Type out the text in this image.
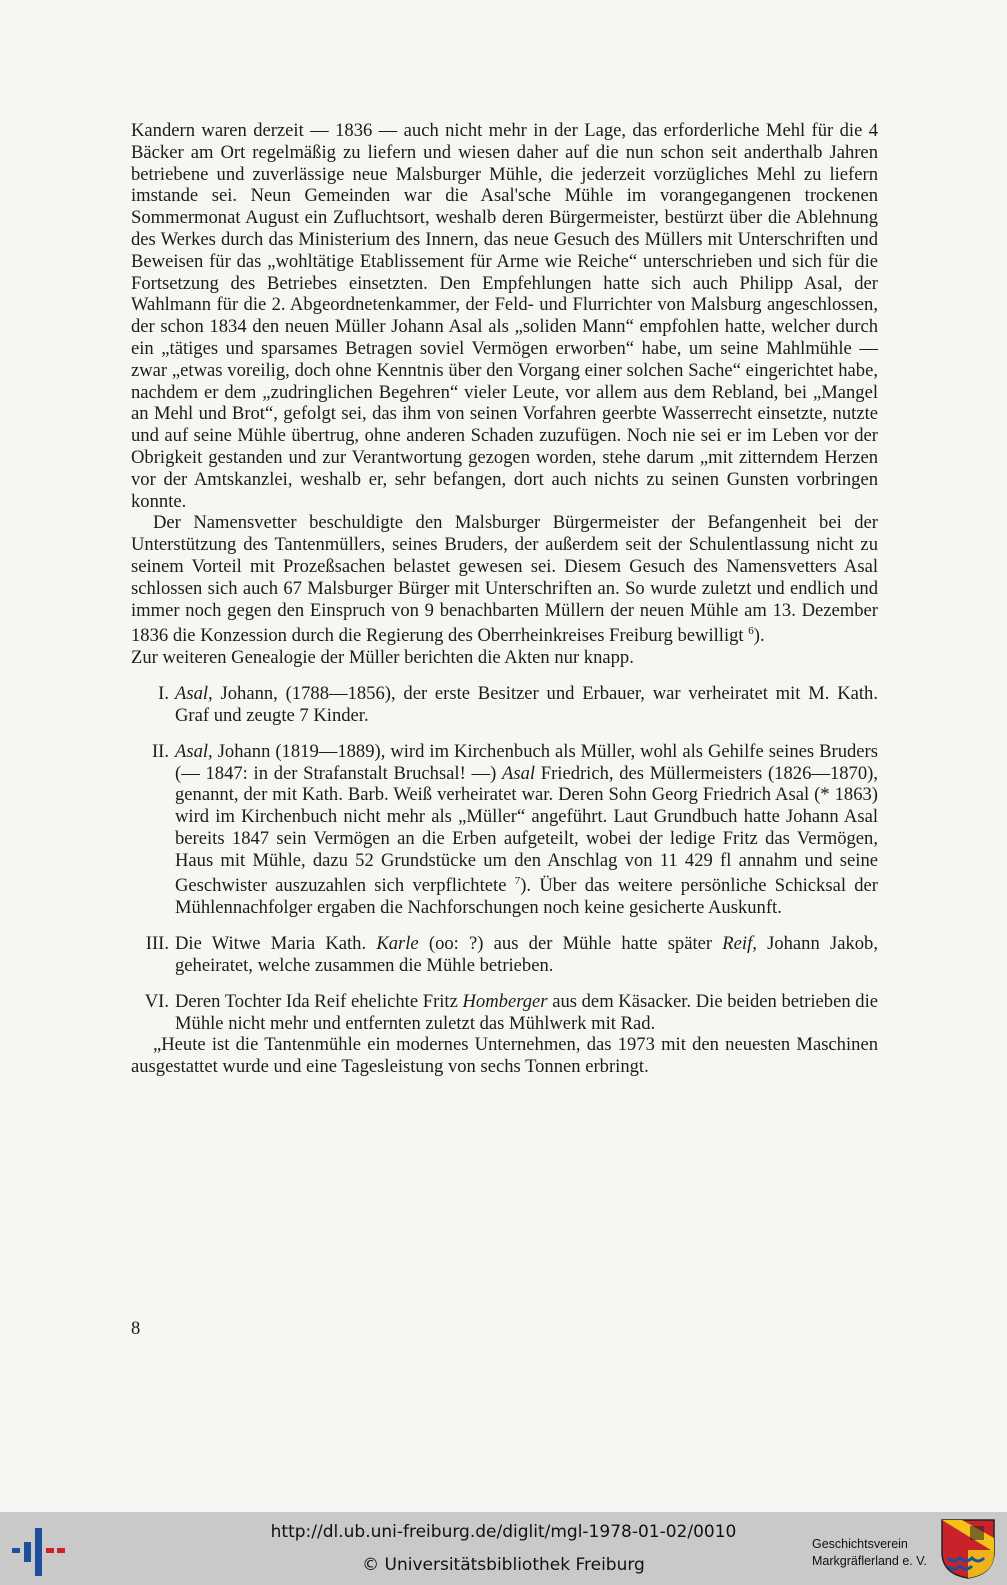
Kandern waren derzeit — 1836 — auch nicht mehr in der Lage, das erforderliche Mehl für die 4 Bäcker am Ort regelmäßig zu liefern und wiesen daher auf die nun schon seit anderthalb Jahren betriebene und zuverlässige neue Malsburger Mühle, die jederzeit vorzügliches Mehl zu liefern imstande sei. Neun Gemeinden war die Asal'sche Mühle im vorangegangenen trockenen Sommermonat August ein Zufluchtsort, weshalb deren Bürgermeister, bestürzt über die Ablehnung des Werkes durch das Ministerium des Innern, das neue Gesuch des Müllers mit Unterschriften und Beweisen für das „wohltätige Etablissement für Arme wie Reiche“ unterschrieben und sich für die Fortsetzung des Betriebes einsetzten. Den Empfehlungen hatte sich auch Philipp Asal, der Wahlmann für die 2. Abgeordnetenkammer, der Feld- und Flurrichter von Malsburg angeschlossen, der schon 1834 den neuen Müller Johann Asal als „soliden Mann“ empfohlen hatte, welcher durch ein „tätiges und sparsames Betragen soviel Vermögen erworben“ habe, um seine Mahlmühle — zwar „etwas voreilig, doch ohne Kenntnis über den Vorgang einer solchen Sache“ eingerichtet habe, nachdem er dem „zudringlichen Begehren“ vieler Leute, vor allem aus dem Rebland, bei „Mangel an Mehl und Brot“, gefolgt sei, das ihm von seinen Vorfahren geerbte Wasserrecht einsetzte, nutzte und auf seine Mühle übertrug, ohne anderen Schaden zuzufügen. Noch nie sei er im Leben vor der Obrigkeit gestanden und zur Verantwortung gezogen worden, stehe darum „mit zitterndem Herzen vor der Amtskanzlei, weshalb er, sehr befangen, dort auch nichts zu seinen Gunsten vorbringen konnte.

Der Namensvetter beschuldigte den Malsburger Bürgermeister der Befangenheit bei der Unterstützung des Tantenmüllers, seines Bruders, der außerdem seit der Schulentlassung nicht zu seinem Vorteil mit Prozeßsachen belastet gewesen sei. Diesem Gesuch des Namensvetters Asal schlossen sich auch 67 Malsburger Bürger mit Unterschriften an. So wurde zuletzt und endlich und immer noch gegen den Einspruch von 9 benachbarten Müllern der neuen Mühle am 13. Dezember 1836 die Konzession durch die Regierung des Oberrheinkreises Freiburg bewilligt $^6$).

Zur weiteren Genealogie der Müller berichten die Akten nur knapp.

I. Asal, Johann, (1788—1856), der erste Besitzer und Erbauer, war verheiratet mit M. Kath. Graf und zeugte 7 Kinder.
II. Asal, Johann (1819—1889), wird im Kirchenbuch als Müller, wohl als Gehilfe seines Bruders (— 1847: in der Strafanstalt Bruchsal! —) Asal Friedrich, des Müllermeisters (1826—1870), genannt, der mit Kath. Barb. Weiß verheiratet war. Deren Sohn Georg Friedrich Asal (* 1863) wird im Kirchenbuch nicht mehr als „Müller“ angeführt. Laut Grundbuch hatte Johann Asal bereits 1847 sein Vermögen an die Erben aufgeteilt, wobei der ledige Fritz das Vermögen, Haus mit Mühle, dazu 52 Grundstücke um den Anschlag von 11 429 fl annahm und seine Geschwister auszuzahlen sich verpflichtete $^7$). Über das weitere persönliche Schicksal der Mühlennachfolger ergaben die Nachforschungen noch keine gesicherte Auskunft.
III. Die Witwe Maria Kath. Karle (oo: ?) aus der Mühle hatte später Reif, Johann Jakob, geheiratet, welche zusammen die Mühle betrieben.
VI. Deren Tochter Ida Reif ehelichte Fritz Homberger aus dem Käsacker. Die beiden betrieben die Mühle nicht mehr und entfernten zuletzt das Mühlwerk mit Rad.

„Heute ist die Tantenmühle ein modernes Unternehmen, das 1973 mit den neuesten Maschinen ausgestattet wurde und eine Tagesleistung von sechs Tonnen erbringt.

8
http://dl.ub.uni-freiburg.de/diglit/mgl-1978-01-02/0010
© Universitätsbibliothek Freiburg
Geschichtsverein
Markgräflerland e. V.
